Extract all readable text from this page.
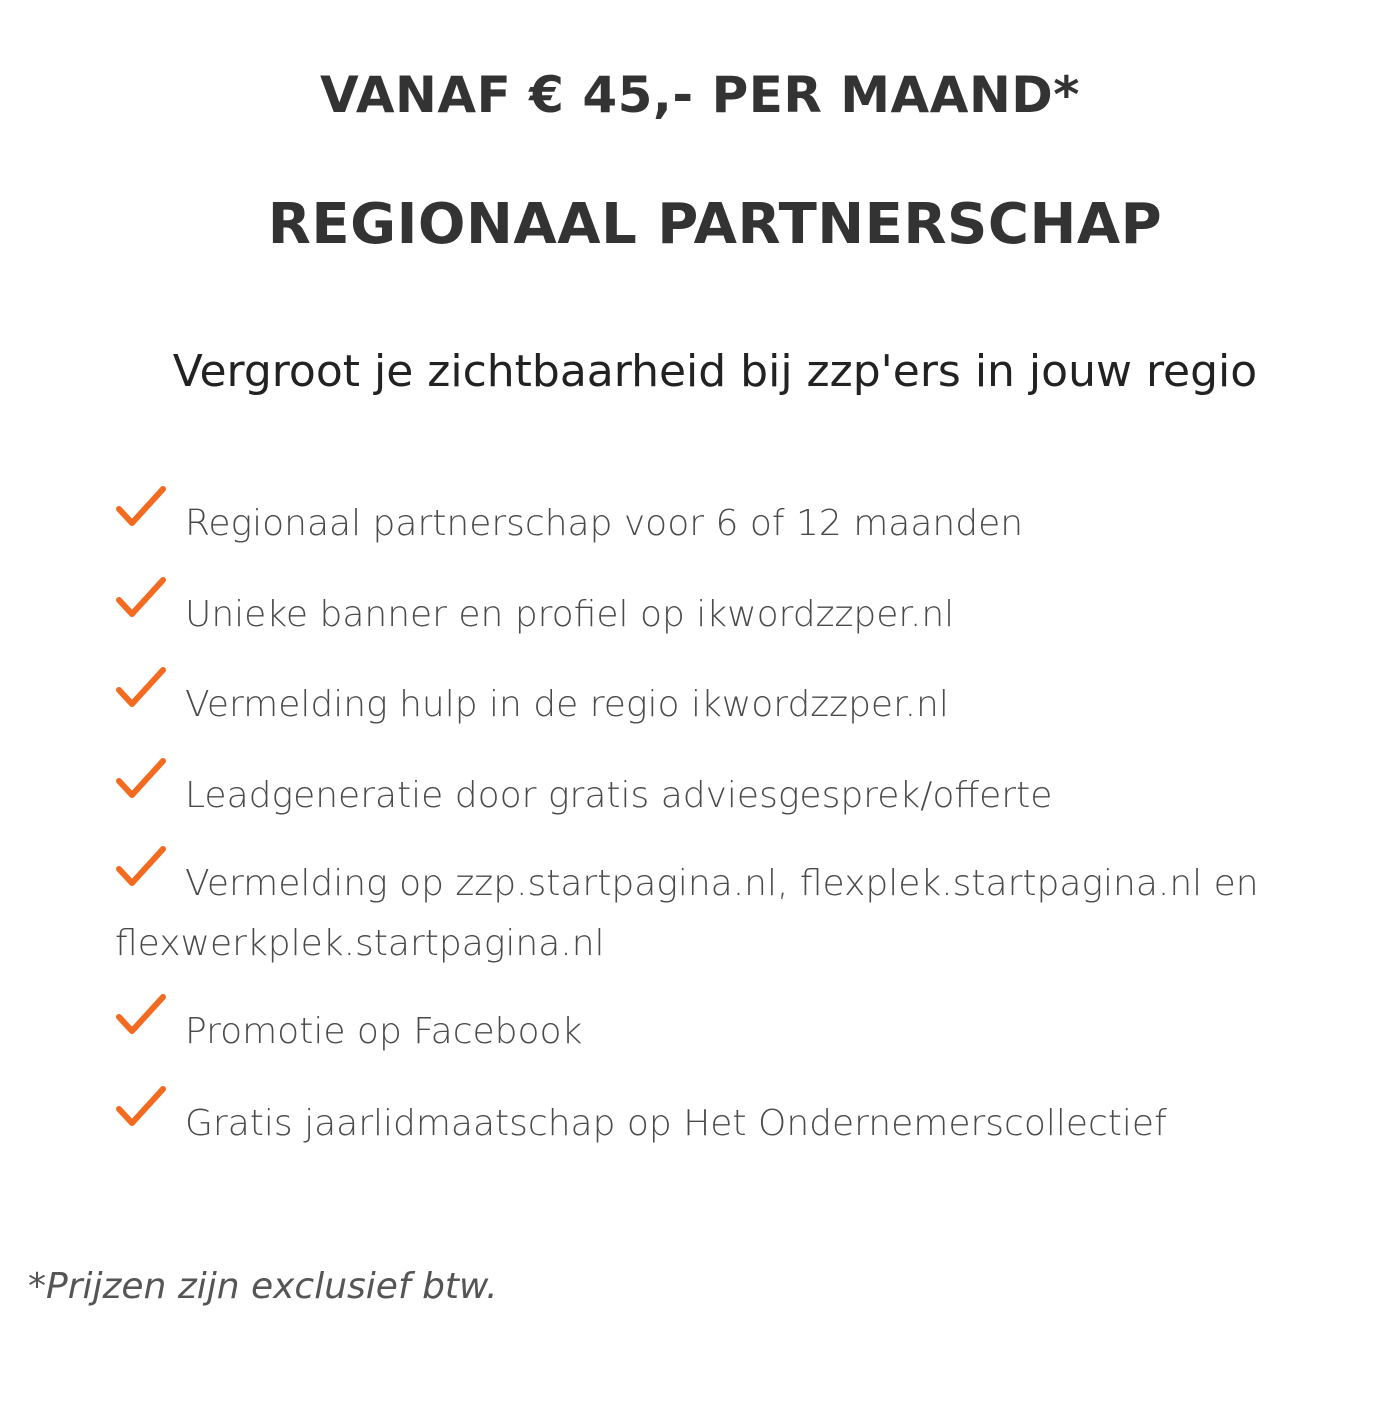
VANAF € 45,- PER MAAND*
REGIONAAL PARTNERSCHAP
Vergroot je zichtbaarheid bij zzp'ers in jouw regio
Regionaal partnerschap voor 6 of 12 maanden
Unieke banner en profiel op ikwordzzper.nl
Vermelding hulp in de regio ikwordzzper.nl
Leadgeneratie door gratis adviesgesprek/offerte
Vermelding op zzp.startpagina.nl, flexplek.startpagina.nl en flexwerkplek.startpagina.nl
Promotie op Facebook
Gratis jaarlidmaatschap op Het Ondernemerscollectief

*Prijzen zijn exclusief btw.
